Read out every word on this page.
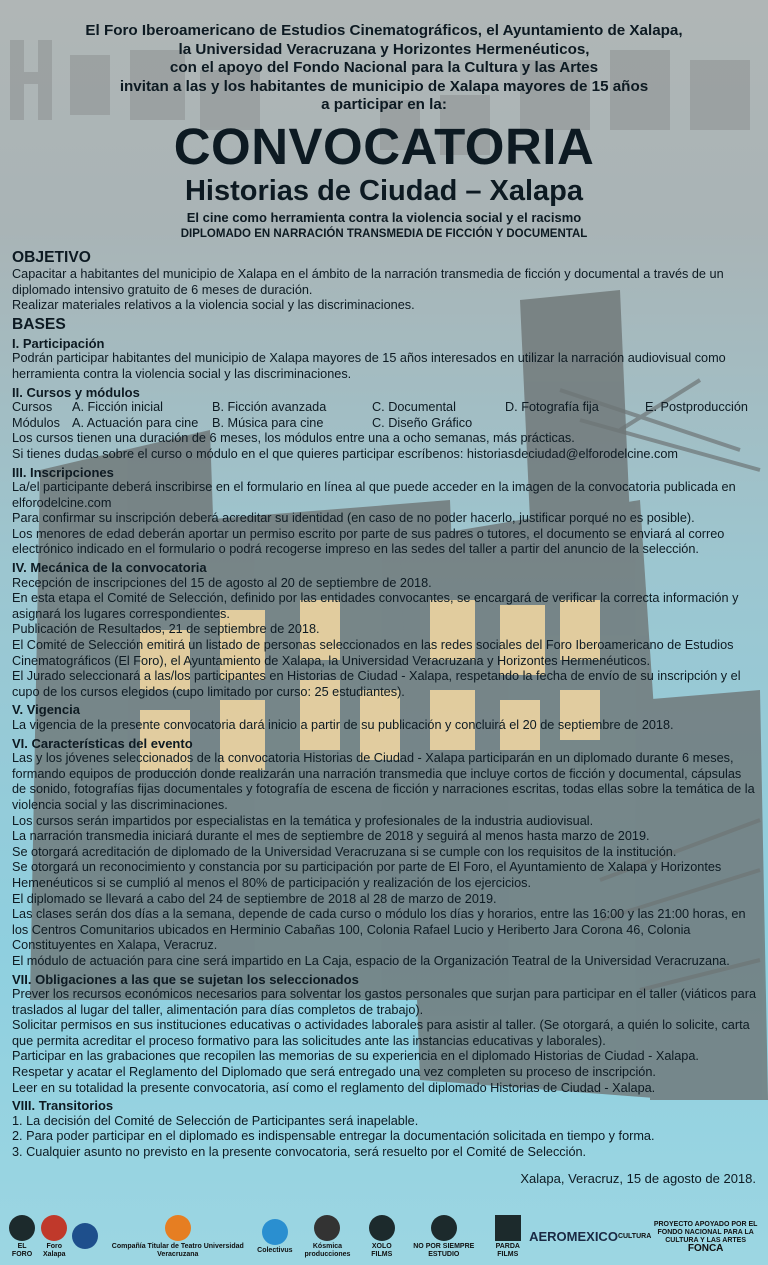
El Foro Iberoamericano de Estudios Cinematográficos, el Ayuntamiento de Xalapa,
la Universidad Veracruzana y Horizontes Hermenéuticos,
con el apoyo del Fondo Nacional para la Cultura y las Artes
invitan a las y los habitantes de municipio de Xalapa mayores de 15 años
a participar en la:
CONVOCATORIA
Historias de Ciudad – Xalapa
El cine como herramienta contra la violencia social y el racismo
DIPLOMADO EN NARRACIÓN TRANSMEDIA DE FICCIÓN Y DOCUMENTAL
OBJETIVO

Capacitar a habitantes del municipio de Xalapa en el ámbito de la narración transmedia de ficción y documental a través de un diplomado intensivo gratuito de 6 meses de duración.

Realizar materiales relativos a la violencia social y las discriminaciones.

BASES
I. Participación

Podrán participar habitantes del municipio de Xalapa mayores de 15 años interesados en utilizar la narración audiovisual como herramienta contra la violencia social y las discriminaciones.

II. Cursos y módulos
Cursos	A. Ficción inicial	B. Ficción avanzada	C. Documental	D. Fotografía fija	E. Postproducción
Módulos A. Actuación para cine	B. Música para cine	C. Diseño Gráfico

Los cursos tienen una duración de 6 meses, los módulos entre una a ocho semanas, más prácticas.

Si tienes dudas sobre el curso o módulo en el que quieres participar escríbenos: historiasdeciudad@elforodelcine.com

III. Inscripciones

La/el participante deberá inscribirse en el formulario en línea al que puede acceder en la imagen de la convocatoria publicada en elforodelcine.com

Para confirmar su inscripción deberá acreditar su identidad (en caso de no poder hacerlo, justificar porqué no es posible).

Los menores de edad deberán aportar un permiso escrito por parte de sus padres o tutores, el documento se enviará al correo electrónico indicado en el formulario o podrá recogerse impreso en las sedes del taller a partir del anuncio de la selección.

IV. Mecánica de la convocatoria

Recepción de inscripciones del 15 de agosto al 20 de septiembre de 2018.

En esta etapa el Comité de Selección, definido por las entidades convocantes, se encargará de verificar la correcta información y asignará los lugares correspondientes.

Publicación de Resultados, 21 de septiembre de 2018.

El Comité de Selección emitirá un listado de personas seleccionados en las redes sociales del Foro Iberoamericano de Estudios Cinematográficos (El Foro), el Ayuntamiento de Xalapa, la Universidad Veracruzana y Horizontes Hermenéuticos.

El Jurado seleccionará a las/los participantes en Historias de Ciudad - Xalapa, respetando la fecha de envío de su inscripción y el cupo de los cursos elegidos (cupo limitado por curso: 25 estudiantes).

V. Vigencia

La vigencia de la presente convocatoria dará inicio a partir de su publicación y concluirá el 20 de septiembre de 2018.

VI. Características del evento

Las y los jóvenes seleccionados de la convocatoria Historias de Ciudad - Xalapa participarán en un diplomado durante 6 meses, formando equipos de producción donde realizarán una narración transmedia que incluye cortos de ficción y documental, cápsulas de sonido, fotografías fijas documentales y fotografía de escena de ficción y narraciones escritas, todas ellas sobre la temática de la violencia social y las discriminaciones.

Los cursos serán impartidos por especialistas en la temática y profesionales de la industria audiovisual.

La narración transmedia iniciará durante el mes de septiembre de 2018 y seguirá al menos hasta marzo de 2019.

Se otorgará acreditación de diplomado de la Universidad Veracruzana si se cumple con los requisitos de la institución.

Se otorgará un reconocimiento y constancia por su participación por parte de El Foro, el Ayuntamiento de Xalapa y Horizontes Hemenéuticos si se cumplió al menos el 80% de participación y realización de los ejercicios.

El diplomado se llevará a cabo del 24 de septiembre de 2018 al 28 de marzo de 2019.

Las clases serán dos días a la semana, depende de cada curso o módulo los días y horarios, entre las 16:00 y las 21:00 horas, en los Centros Comunitarios ubicados en Herminio Cabañas 100, Colonia Rafael Lucio y Heriberto Jara Corona 46, Colonia Constituyentes en Xalapa, Veracruz.

El módulo de actuación para cine será impartido en La Caja, espacio de la Organización Teatral de la Universidad Veracruzana.

VII. Obligaciones a las que se sujetan los seleccionados

Prever los recursos económicos necesarios para solventar los gastos personales que surjan para participar en el taller (viáticos para traslados al lugar del taller, alimentación para días completos de trabajo).

Solicitar permisos en sus instituciones educativas o actividades laborales para asistir al taller. (Se otorgará, a quién lo solicite, carta que permita acreditar el proceso formativo para las solicitudes ante las instancias educativas y laborales).

Participar en las grabaciones que recopilen las memorias de su experiencia en el diplomado Historias de Ciudad - Xalapa.

Respetar y acatar el Reglamento del Diplomado que será entregado una vez completen su proceso de inscripción.

Leer en su totalidad la presente convocatoria, así como el reglamento del diplomado Historias de Ciudad - Xalapa.

VIII. Transitorios

1. La decisión del Comité de Selección de Participantes será inapelable.

2. Para poder participar en el diplomado es indispensable entregar la documentación solicitada en tiempo y forma.

3. Cualquier asunto no previsto en la presente convocatoria, será resuelto por el Comité de Selección.

Xalapa, Veracruz, 15 de agosto de 2018.
EL FORO
Foro Xalapa
Compañía Titular de Teatro Universidad Veracruzana
Colectivus
Kósmica producciones
XOLO FILMS
NO POR SIEMPRE ESTUDIO
PARDA FILMS
AEROMEXICO CULTURA
PROYECTO APOYADO POR EL FONDO NACIONAL PARA LA CULTURA Y LAS ARTES
FONCA
